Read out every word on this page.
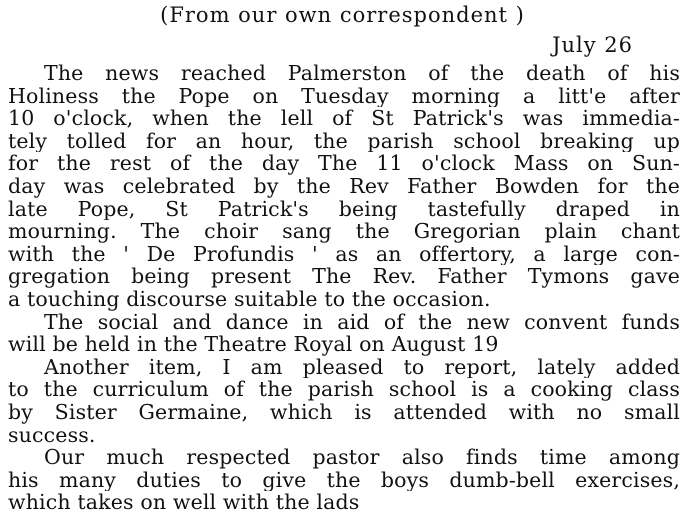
(From our own correspondent )
July 26
The news reached Palmerston of the death of his
Holiness the Pope on Tuesday morning a litt'e after
10 o'clock, when the lell of St Patrick's was immedia-
tely tolled for an hour, the parish school breaking up
for the rest of the day The 11 o'clock Mass on Sun-
day was celebrated by the Rev Father Bowden for the
late Pope, St Patrick's being tastefully draped in
mourning. The choir sang the Gregorian plain chant
with the ' De Profundis ' as an offertory, a large con-
gregation being present The Rev. Father Tymons gave
a touching discourse suitable to the occasion.
The social and dance in aid of the new convent funds
will be held in the Theatre Royal on August 19
Another item, I am pleased to report, lately added
to the curriculum of the parish school is a cooking class
by Sister Germaine, which is attended with no small
success.
Our much respected pastor also finds time among
his many duties to give the boys dumb-bell exercises,
which takes on well with the lads
